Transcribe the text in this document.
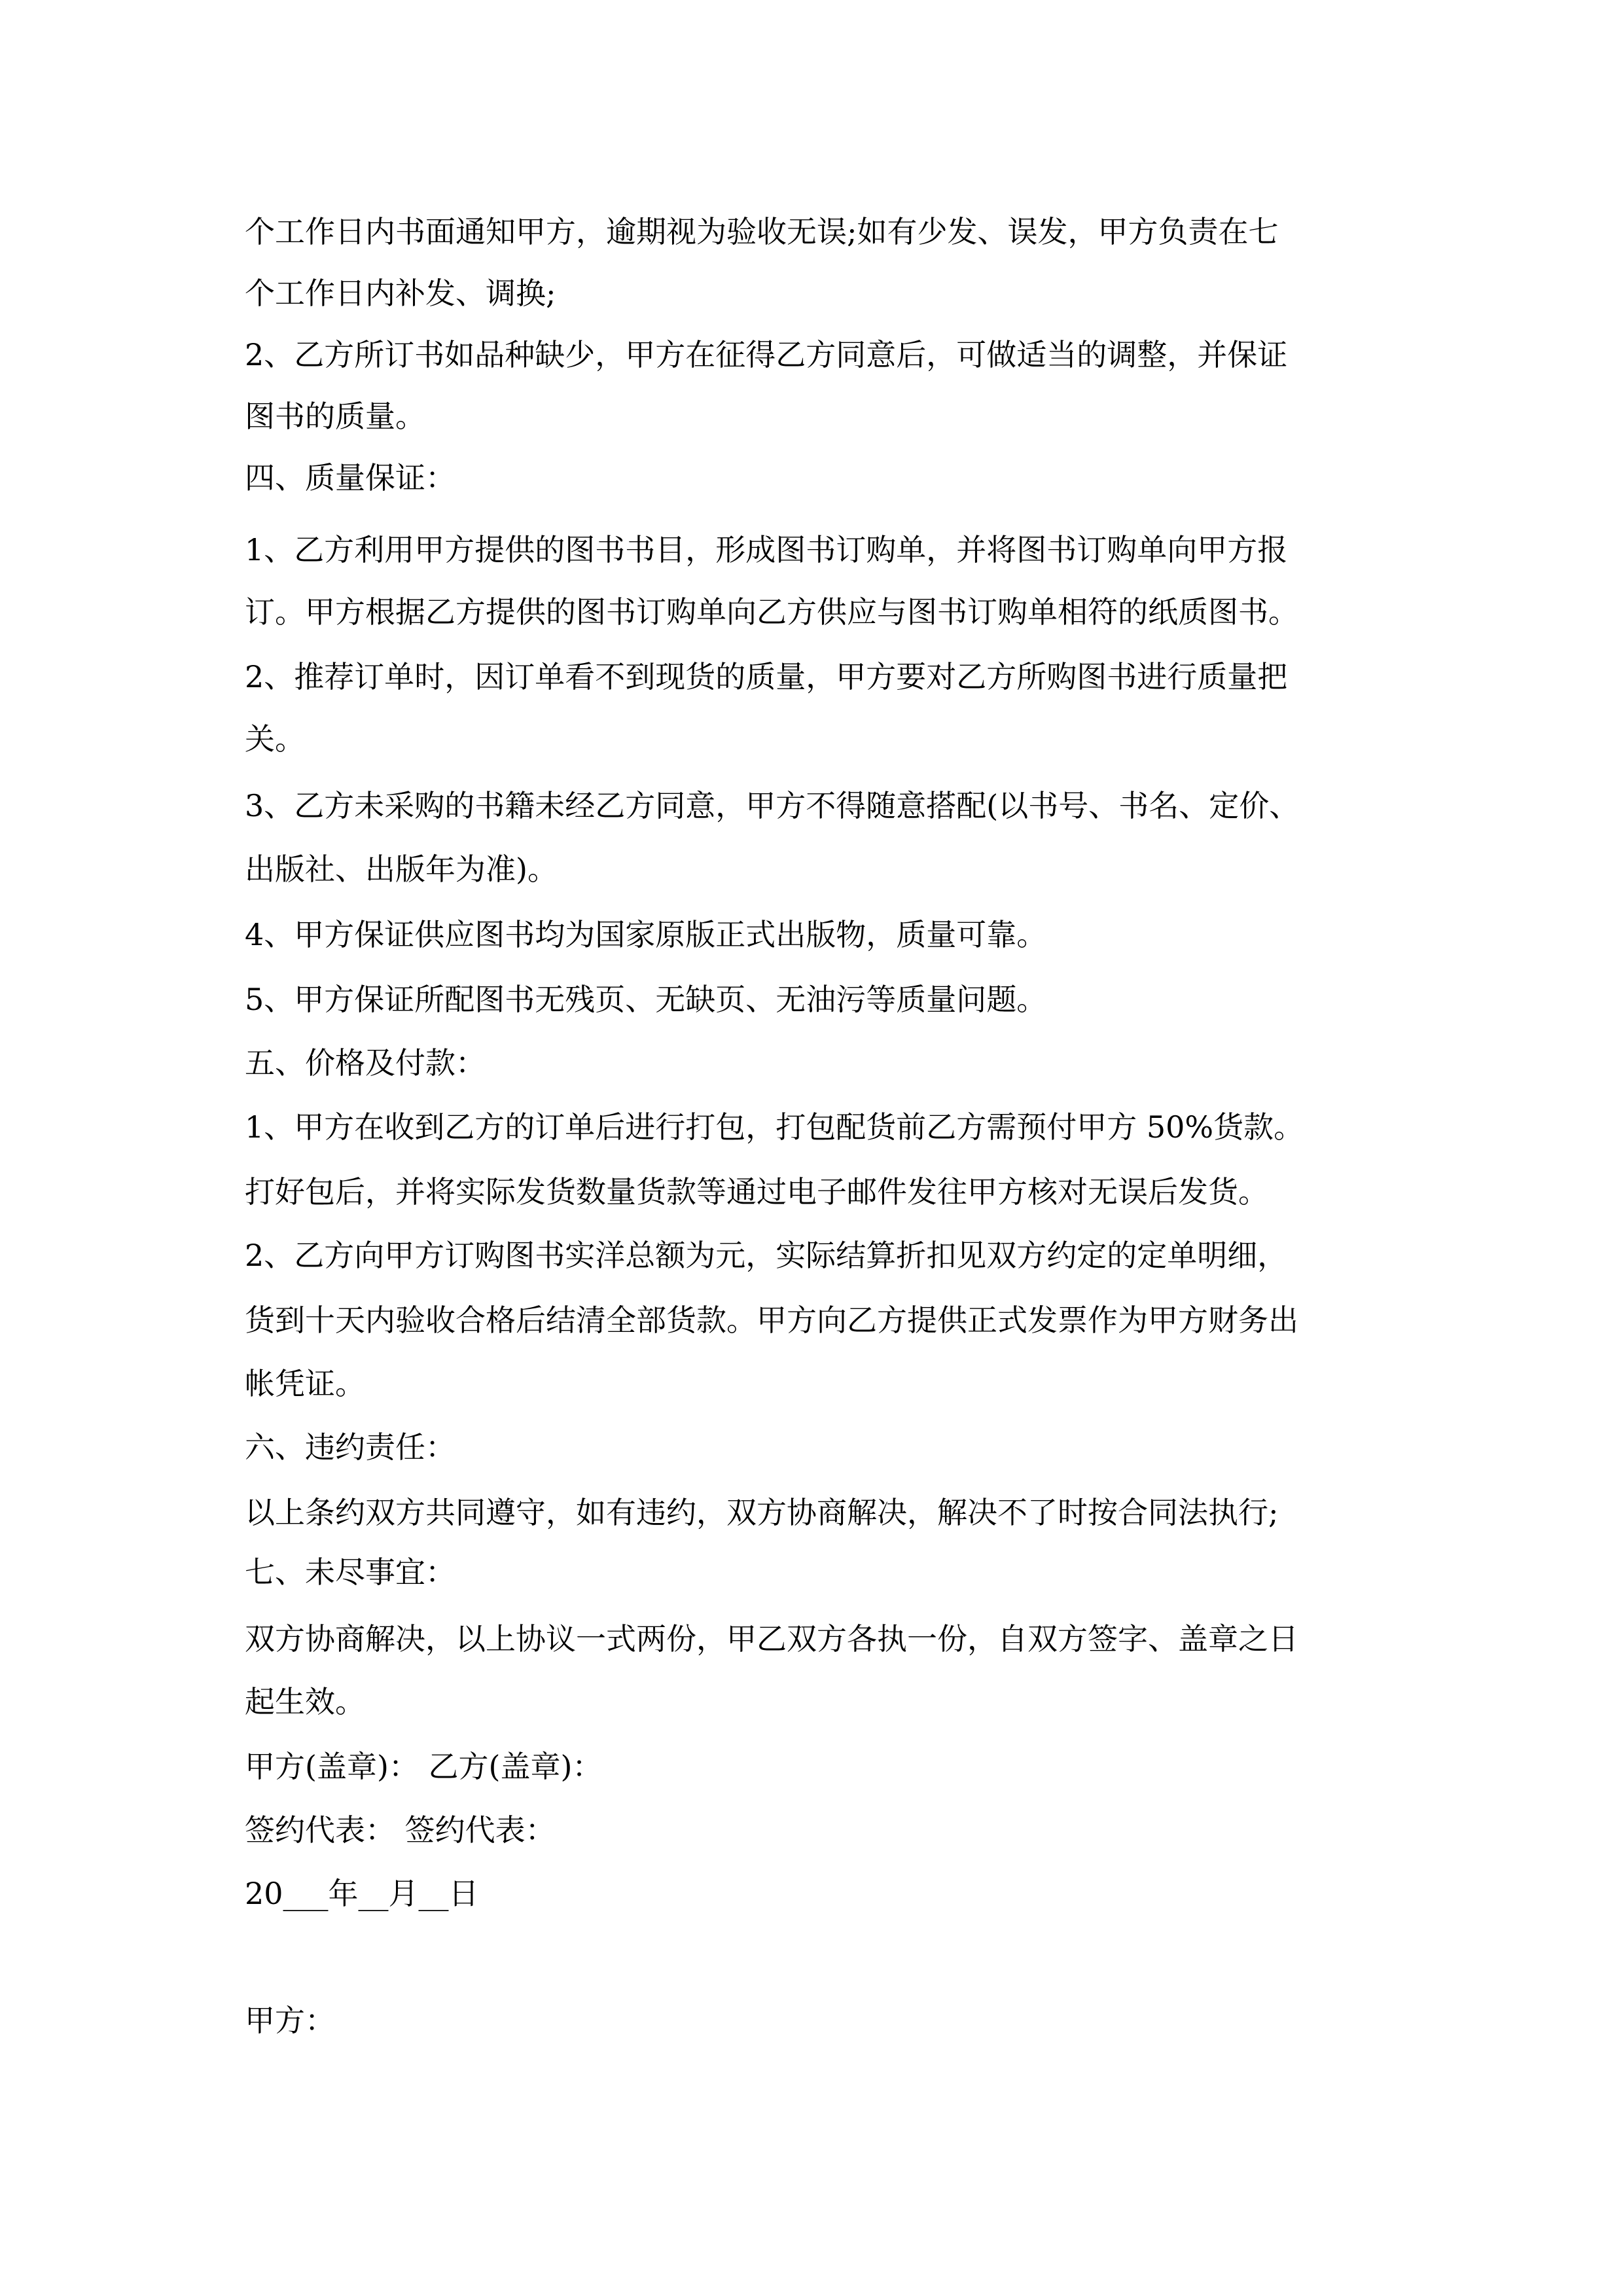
个工作日内书面通知甲方，逾期视为验收无误;如有少发、误发，甲方负责在七
个工作日内补发、调换;
2、乙方所订书如品种缺少，甲方在征得乙方同意后，可做适当的调整，并保证
图书的质量。
四、质量保证：
1、乙方利用甲方提供的图书书目，形成图书订购单，并将图书订购单向甲方报
订。甲方根据乙方提供的图书订购单向乙方供应与图书订购单相符的纸质图书。
2、推荐订单时，因订单看不到现货的质量，甲方要对乙方所购图书进行质量把
关。
3、乙方未采购的书籍未经乙方同意，甲方不得随意搭配(以书号、书名、定价、
出版社、出版年为准)。
4、甲方保证供应图书均为国家原版正式出版物，质量可靠。
5、甲方保证所配图书无残页、无缺页、无油污等质量问题。
五、价格及付款：
1、甲方在收到乙方的订单后进行打包，打包配货前乙方需预付甲方 50%货款。
打好包后，并将实际发货数量货款等通过电子邮件发往甲方核对无误后发货。
2、乙方向甲方订购图书实洋总额为元，实际结算折扣见双方约定的定单明细，
货到十天内验收合格后结清全部货款。甲方向乙方提供正式发票作为甲方财务出
帐凭证。
六、违约责任：
以上条约双方共同遵守，如有违约，双方协商解决，解决不了时按合同法执行;
七、未尽事宜：
双方协商解决，以上协议一式两份，甲乙双方各执一份，自双方签字、盖章之日
起生效。
甲方(盖章)： 乙方(盖章)：
签约代表： 签约代表：
20___年__月__日
甲方：
